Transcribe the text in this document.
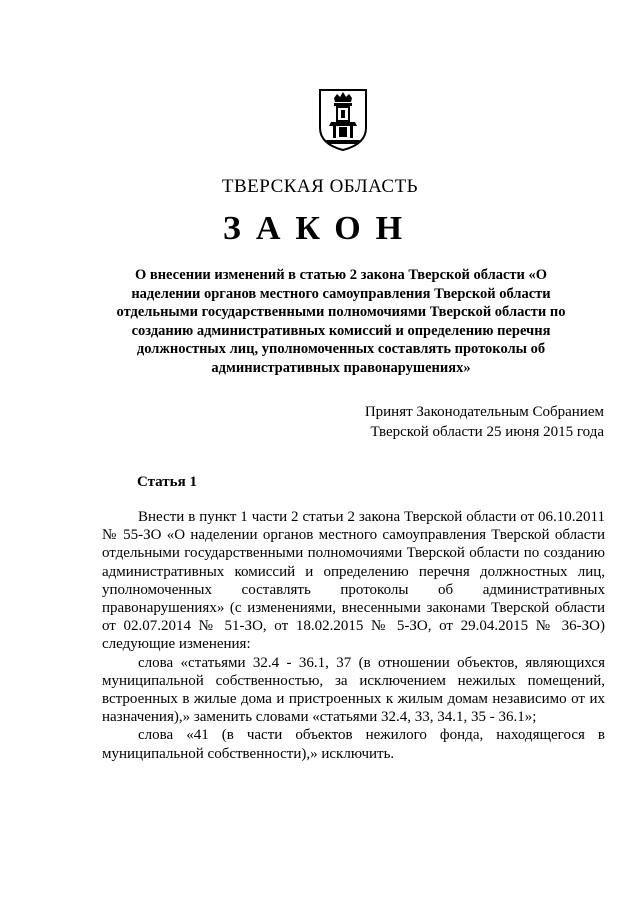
ТВЕРСКАЯ ОБЛАСТЬ
ЗАКОН
О внесении изменений в статью 2 закона Тверской области «О наделении органов местного самоуправления Тверской области отдельными государственными полномочиями Тверской области по созданию административных комиссий и определению перечня должностных лиц, уполномоченных составлять протоколы об административных правонарушениях»
Принят Законодательным Собранием
Тверской области 25 июня 2015 года
Статья 1

Внести в пункт 1 части 2 статьи 2 закона Тверской области от 06.10.2011 № 55-ЗО «О наделении органов местного самоуправления Тверской области отдельными государственными полномочиями Тверской области по созданию административных комиссий и определению перечня должностных лиц, уполномоченных составлять протоколы об административных правонарушениях» (с изменениями, внесенными законами Тверской области от 02.07.2014 № 51-ЗО, от 18.02.2015 № 5-ЗО, от 29.04.2015 № 36-ЗО) следующие изменения:

слова «статьями 32.4 - 36.1, 37 (в отношении объектов, являющихся муниципальной собственностью, за исключением нежилых помещений, встроенных в жилые дома и пристроенных к жилым домам независимо от их назначения),» заменить словами «статьями 32.4, 33, 34.1, 35 - 36.1»;

слова «41 (в части объектов нежилого фонда, находящегося в муниципальной собственности),» исключить.
